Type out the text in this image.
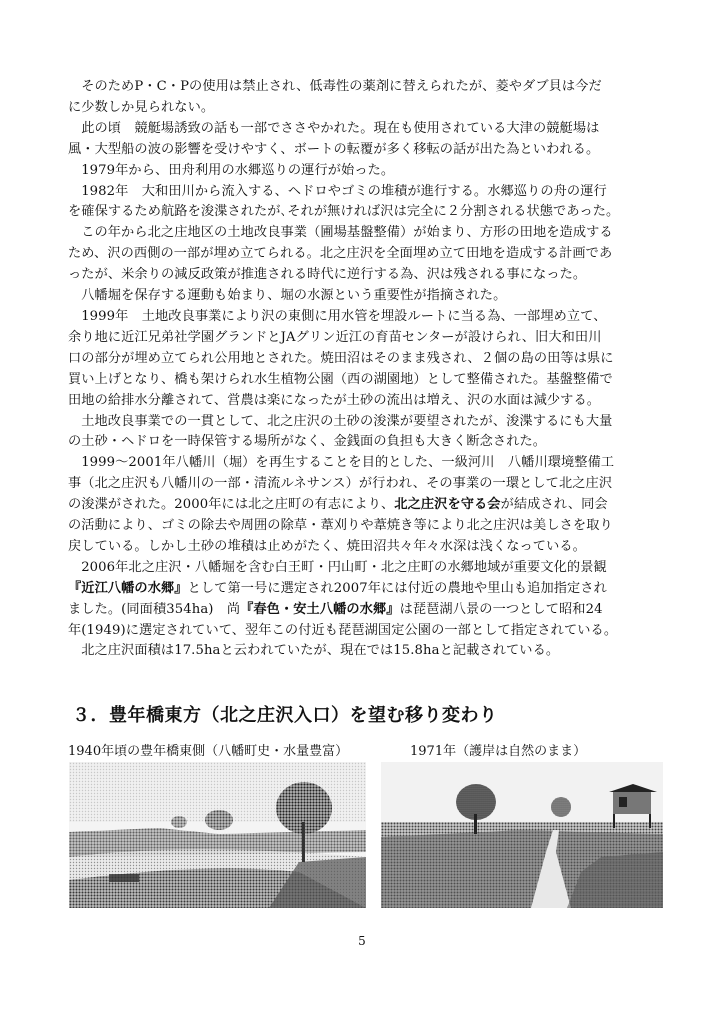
そのためP・C・Pの使用は禁止され、低毒性の薬剤に替えられたが、菱やダブ貝は今だ
に少数しか見られない。

此の頃　競艇場誘致の話も一部でささやかれた。現在も使用されている大津の競艇場は
風・大型船の波の影響を受けやすく、ボートの転覆が多く移転の話が出た為といわれる。

1979年から、田舟利用の水郷巡りの運行が始った。

1982年　大和田川から流入する、ヘドロやゴミの堆積が進行する。水郷巡りの舟の運行
を確保するため航路を浚渫されたが､それが無ければ沢は完全に２分割される状態であった。

この年から北之庄地区の土地改良事業（圃場基盤整備）が始まり、方形の田地を造成する
ため、沢の西側の一部が埋め立てられる。北之庄沢を全面埋め立て田地を造成する計画であ
ったが、米余りの減反政策が推進される時代に逆行する為、沢は残される事になった。

八幡堀を保存する運動も始まり、堀の水源という重要性が指摘された。

1999年　土地改良事業により沢の東側に用水管を埋設ルートに当る為、一部埋め立て、
余り地に近江兄弟社学園グランドとJAグリン近江の育苗センターが設けられ、旧大和田川
口の部分が埋め立てられ公用地とされた。焼田沼はそのまま残され、２個の島の田等は県に
買い上げとなり、橋も架けられ水生植物公園（西の湖園地）として整備された。基盤整備で
田地の給排水分離されて、営農は楽になったが土砂の流出は増え、沢の水面は減少する。

土地改良事業での一貫として、北之庄沢の土砂の浚渫が要望されたが、浚渫するにも大量
の土砂・ヘドロを一時保管する場所がなく、金銭面の負担も大きく断念された。

1999～2001年八幡川（堀）を再生することを目的とした、一級河川　八幡川環境整備工
事（北之庄沢も八幡川の一部・清流ルネサンス）が行われ、その事業の一環として北之庄沢
の浚渫がされた。2000年には北之庄町の有志により、北之庄沢を守る会が結成され、同会
の活動により、ゴミの除去や周囲の除草・葦刈りや葦焼き等により北之庄沢は美しさを取り
戻している。しかし土砂の堆積は止めがたく、焼田沼共々年々水深は浅くなっている。

2006年北之庄沢・八幡堀を含む白王町・円山町・北之庄町の水郷地域が重要文化的景観
『近江八幡の水郷』として第一号に選定され2007年には付近の農地や里山も追加指定され
ました。(同面積354ha)　尚『春色・安土八幡の水郷』は琵琶湖八景の一つとして昭和24
年(1949)に選定されていて、翌年この付近も琵琶湖国定公園の一部として指定されている。

北之庄沢面積は17.5haと云われていたが、現在では15.8haと記載されている。

３．豊年橋東方（北之庄沢入口）を望む移り変わり

1940年頃の豊年橋東側（八幡町史・水量豊富）	1971年（護岸は自然のまま）

5
